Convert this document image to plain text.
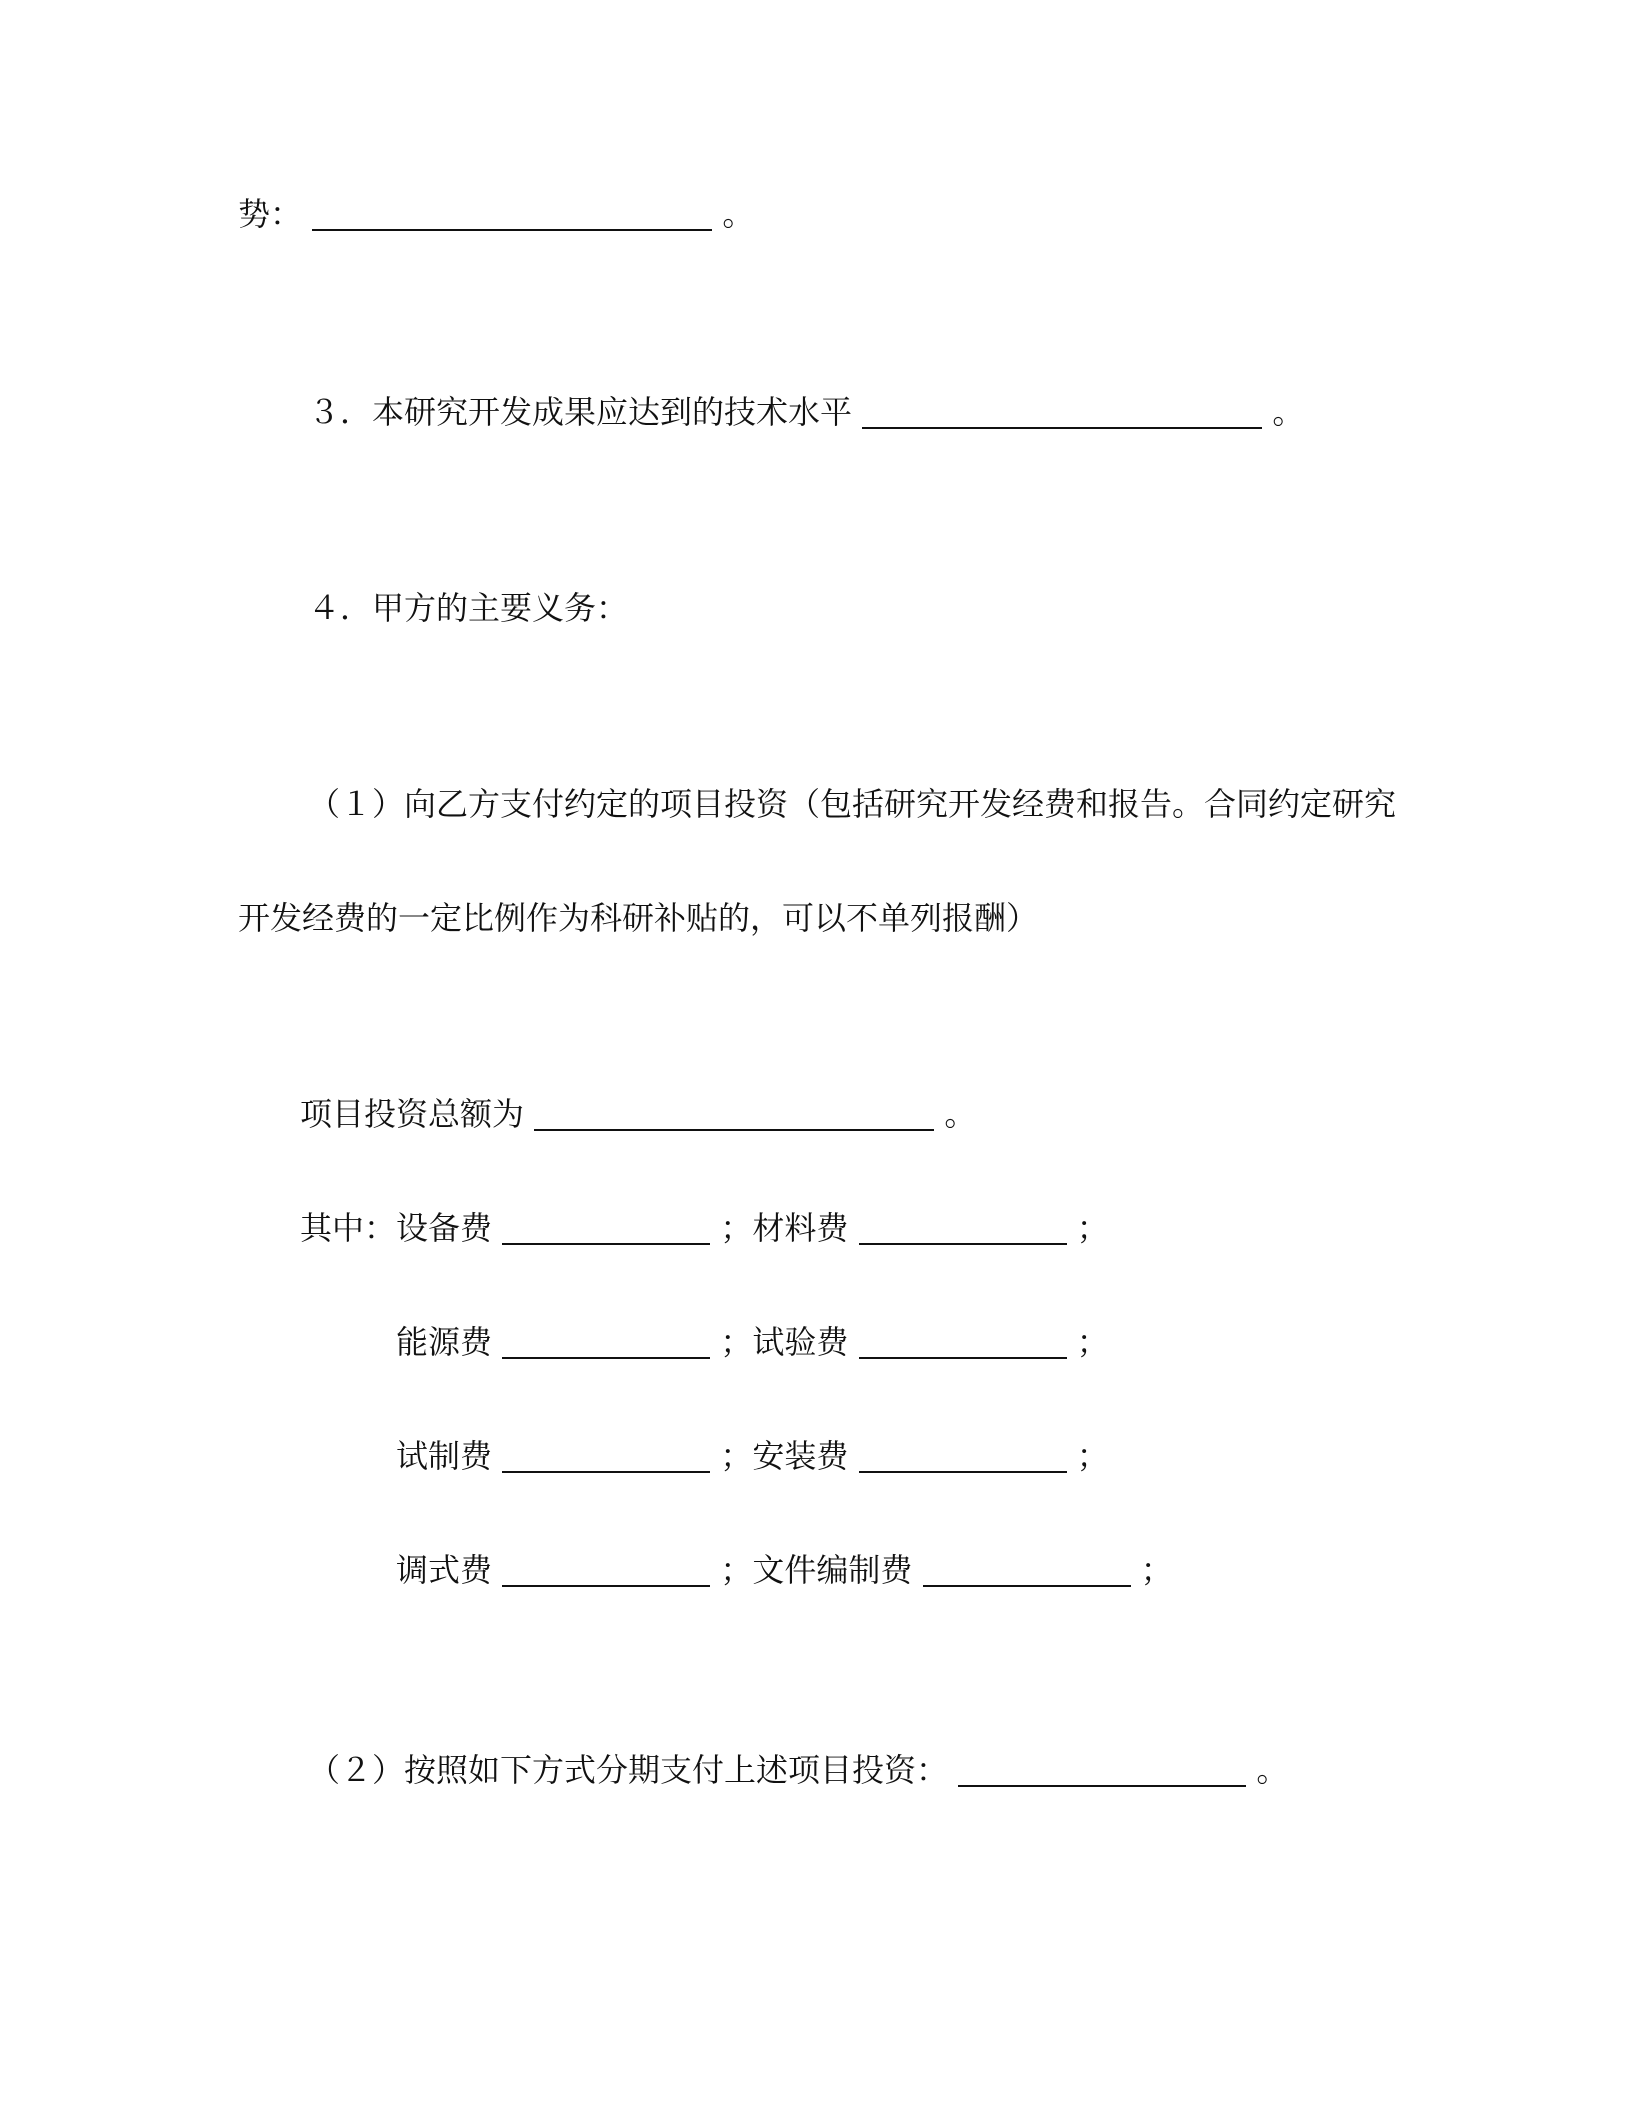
势：	。
３．本研究开发成果应达到的技术水平	。
４．甲方的主要义务：
（１）向乙方支付约定的项目投资（包括研究开发经费和报告。合同约定研究
开发经费的一定比例作为科研补贴的，可以不单列报酬）
项目投资总额为	。
其中：设备费	；材料费	；
能源费	；试验费	；
试制费	；安装费	；
调式费	；文件编制费	；
（２）按照如下方式分期支付上述项目投资：	。
